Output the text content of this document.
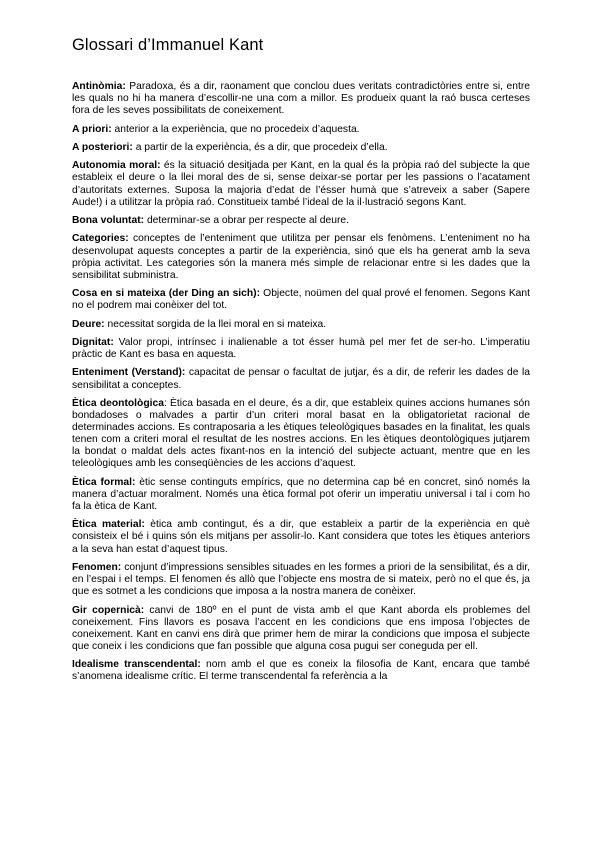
Glossari d’Immanuel Kant

Antinòmia: Paradoxa, és a dir, raonament que conclou dues veritats contradictòries entre si, entre les quals no hi ha manera d’escollir-ne una com a millor. Es produeix quant la raó busca certeses fora de les seves possibilitats de coneixement.

A priori: anterior a la experiència, que no procedeix d’aquesta.

A posteriori: a partir de la experiència, és a dir, que procedeix d’ella.

Autonomia moral: és la situació desitjada per Kant, en la qual és la pròpia raó del subjecte la que estableix el deure o la llei moral des de si, sense deixar-se portar per les passions o l’acatament d’autoritats externes. Suposa la majoria d’edat de l’ésser humà que s’atreveix a saber (Sapere Aude!) i a utilitzar la pròpia raó. Constitueix també l’ideal de la il·lustració segons Kant.

Bona voluntat: determinar-se a obrar per respecte al deure.

Categories: conceptes de l’enteniment que utilitza per pensar els fenòmens. L’enteniment no ha desenvolupat aquests conceptes a partir de la experiència, sinó que els ha generat amb la seva pròpia activitat. Les categories són la manera més simple de relacionar entre si les dades que la sensibilitat subministra.

Cosa en si mateixa (der Ding an sich): Objecte, noümen del qual prové el fenomen. Segons Kant no el podrem mai conèixer del tot.

Deure: necessitat sorgida de la llei moral en si mateixa.

Dignitat: Valor propi, intrínsec i inalienable a tot ésser humà pel mer fet de ser-ho. L’imperatiu pràctic de Kant es basa en aquesta.

Enteniment (Verstand): capacitat de pensar o facultat de jutjar, és a dir, de referir les dades de la sensibilitat a conceptes.

Ètica deontològica: Ètica basada en el deure, és a dir, que estableix quines accions humanes són bondadoses o malvades a partir d’un criteri moral basat en la obligatorietat racional de determinades accions. Es contraposaria a les ètiques teleològiques basades en la finalitat, les quals tenen com a criteri moral el resultat de les nostres accions. En les ètiques deontològiques jutjarem la bondat o maldat dels actes fixant-nos en la intenció del subjecte actuant, mentre que en les teleològiques amb les conseqüències de les accions d’aquest.

Ètica formal: ètic sense continguts empírics, que no determina cap bé en concret, sinó només la manera d’actuar moralment. Només una ètica formal pot oferir un imperatiu universal i tal i com ho fa la ètica de Kant.

Ètica material: ètica amb contingut, és a dir, que estableix a partir de la experiència en què consisteix el bé i quins són els mitjans per assolir-lo. Kant considera que totes les ètiques anteriors a la seva han estat d’aquest tipus.

Fenomen: conjunt d’impressions sensibles situades en les formes a priori de la sensibilitat, és a dir, en l’espai i el temps. El fenomen és allò que l’objecte ens mostra de si mateix, però no el que és, ja que es sotmet a les condicions que imposa a la nostra manera de conèixer.

Gir copernicà: canvi de 180º en el punt de vista amb el que Kant aborda els problemes del coneixement. Fins llavors es posava l’accent en les condicions que ens imposa l’objectes de coneixement. Kant en canvi ens dirà que primer hem de mirar la condicions que imposa el subjecte que coneix i les condicions que fan possible que alguna cosa pugui ser coneguda per ell.

Idealisme transcendental: nom amb el que es coneix la filosofia de Kant, encara que també s’anomena idealisme crític. El terme transcendental fa referència a la
